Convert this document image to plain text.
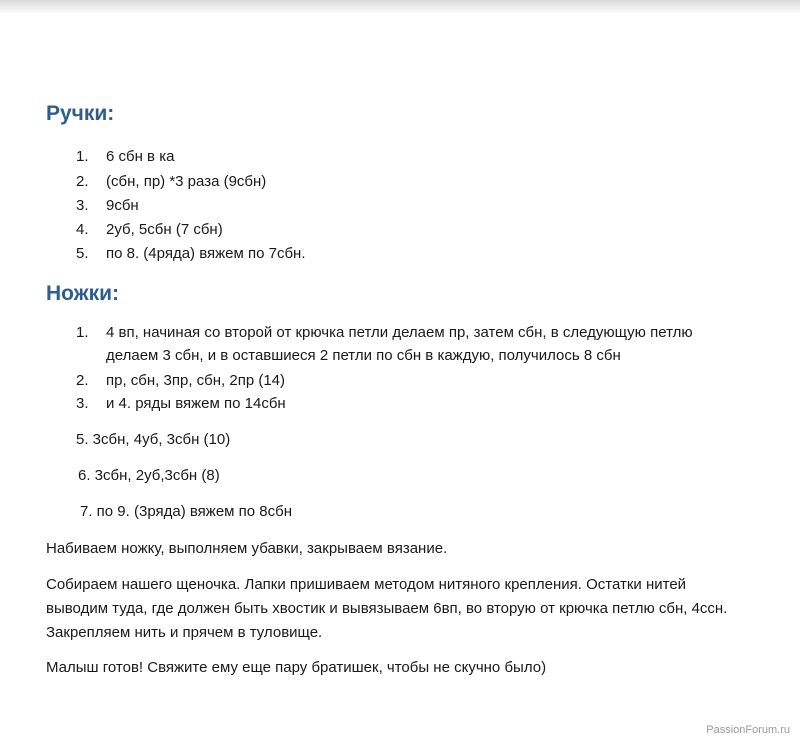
Ручки:
1. 6 сбн в ка
2. (сбн, пр) *3 раза (9сбн)
3. 9сбн
4. 2уб, 5сбн (7 сбн)
5. по 8. (4ряда) вяжем по 7сбн.
Ножки:
1. 4 вп, начиная со второй от крючка петли делаем пр, затем сбн, в следующую петлю
делаем 3 сбн, и в оставшиеся 2 петли по сбн в каждую, получилось 8 сбн
2. пр, сбн, 3пр, сбн, 2пр (14)
3. и 4. ряды вяжем по 14сбн
5. 3сбн, 4уб, 3сбн (10)
6. 3сбн, 2уб,3сбн (8)
7. по 9. (3ряда) вяжем по 8сбн
Набиваем ножку, выполняем убавки, закрываем вязание.
Собираем нашего щеночка. Лапки пришиваем методом нитяного крепления. Остатки нитей
выводим туда, где должен быть хвостик и вывязываем 6вп, во вторую от крючка петлю сбн, 4ссн.
Закрепляем нить и прячем в туловище.
Малыш готов! Свяжите ему еще пару братишек, чтобы не скучно было)
PassionForum.ru
